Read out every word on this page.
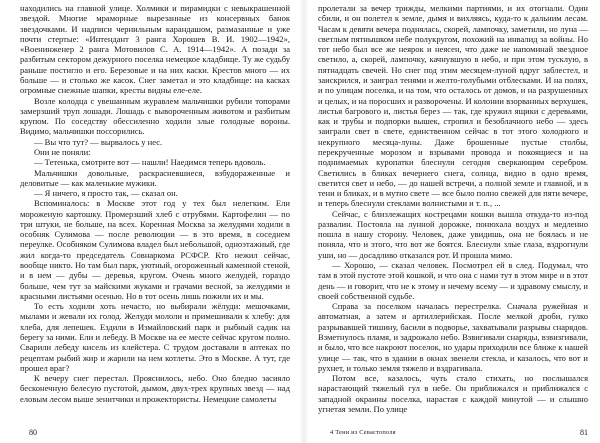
находились на главной улице. Холмики и пирамидки с невыкрашенной звездой. Многие мраморные вырезанные из консервных банок звездочками. И надписи чернильным карандашом, размазанные и уже почти стертые: «Интендант 3 ранга Хорошев В. И. 1902—1942», «Военинженер 2 ранга Мотовилов С. А. 1914—1942». А позади за разбитым сектором дежурного поселка немецкое кладбище. Ту же судьбу раньше постигло и его. Березовые и на них каски. Крестов много — их больше — и столько же касок. Снег заметал и это кладбище: на касках огромные снежные шапки, кресты видны еле-еле.

Возле колодца с увешанным журавлем мальчишки рубили топорами замерзший труп лошади. Лошадь с вывороченным животом и разбитым крупом. По соседству обессиленно ходили злые голодные вороны. Видимо, мальчишки поссорились.

— Вы что тут? — вырвалось у нес.

Они не поняли:

— Тетенька, смотрите вот — нашли! Наедимся теперь вдоволь.

Мальчишки довольные, раскрасневшиеся, взбудораженные и деловитые — как маленькие мужики.

— Я ничего, я просто так, — сказал он.

Вспоминалось: в Москве этот год у тех был нелегким. Ели мороженую картошку. Промерзший хлеб с отрубями. Картофелин — по три штуки, не больше, на всех. Коренная Москва за желудями ходили в особняк Сулимова — после революции — в это время, в соседнем переулке. Особняком Сулимова владел был небольшой, одноэтажный, где жил когда-то председатель Совнаркома РСФСР. Кто нежил сейчас, вообще никто. Но там был парк, уютный, огороженный каменной стеной, и в нем — дубы — деревья, кругом. Очень много желудей, гораздо больше, чем тут за майскими жуками и грачами весной, за желудями и красными листьями осенью. Но в тот осень лишь пожили их и мы.

То есть ходили хоть нечасто, но выбирали жёлуди: мешочками, мылами и жевали их голод. Желуди мололи и примешивали к хлебу: для хлеба, для лепешек. Ездили в Измайловский парк и рыбный садик на берегу за ними. Ели и лебеду. В Москве на ее месте сейчас кругом полно. Сварили лебеду кисель из клейстера. С трудом доставали в аптеках по рецептам рыбий жир и жарили на нем котлеты. Это в Москве. А тут, где прошел враг?

К вечеру снег перестал. Прояснилось, небо. Оно бледно засияло бесконечную белесую пустотой, дымом, двух-трех крупных звезд — над еловым лесом выше зенитчики и прожектористы. Немецкие самолеты

пролетали за вечер трижды, мелкими партиями, и их отогнали. Один сбили, и он полетел к земле, дымя и вихляясь, куда-то к дальним лесам. Часам к девяти вечера поднялась, скорей, лампочку, заметили, но луна — светлым пятнышком небе полукругом, похожий на инвалид за войны. Но тот небо был все же неярок и неясен, что даже не напоминай звездное светило, а, скорей, лампочку, качнувшую в небо, и при этом тусклую, в пятнадцать свечей. Но снег под этим месяцем-луной вдруг заблестел, и заискрился, и заиграл тенями и желто-голубыми отблесками. И на полях, и по улицам поселка, и на том, что осталось от домов, и на разрушенных и целых, и на поросших и разворочены. И колонии взорванных верхушек, листья багрового и, листья берез — так, где кружил ящики с деревьями, как и трубы и подпорки вышек, стропил и безоблачного небо — здесь заиграли свет в свете, единственном сейчас в тот этого холодного и некрупного месяца-луны. Даже брошенные пустые столбы, перекрученные морозом и взрывами провода и покоящиеся и на поднимаемых куропатки блеснули сегодня сверкающим серебром. Светились в бликах вечернего снега, солнца, видно в одно время, светится свет и небо, — до нашей встречи, а полной земле и главной, и в тени и бликах, и в мутно свете — все было полно свежей для пяти вечере, и теперь блеснули стеклами волнистыми и т. п., ...

Сейчас, с близлежащих кострецами кошки вышла откуда-то из-под развалин. Постояла на лунной дорожке, понюхала воздух и медленно пошла в нашу сторону. Человек, даже увидишь, она не боялась и не поняла, что и этого, что вот же боятся. Блеснули злые глаза, вздрогнули уши, но — досадливо отказался рот. И прошла мимо.

— Хорошо, — сказал человек. Посмотрел ей в след. Подумал, что там в этой пустоте этой кошкой, и что она с нами тут в этом мире и в этот день — и говорит, что не к этому и нечему всему — и здравому смыслу, и своей собственной судьбе.

Справа за поселком началась перестрелка. Сначала ружейная и автоматная, а затем и артиллерийская. После мелкой дроби, гулко разрывавшей тишину, басили в подворье, захватывали разрывы снарядов. Взметнулось пламя, и задрожало небо. Взвигивали снаряды, взвизгивали, и было, что все накроют поселок, но удары приходили все ближе к нашей улице — так, что в здании в окнах звенели стекла, и казалось, что вот и рухнет, и только земля тяжело и вздрагивала.

Потом все, казалось, чуть стало стихать, но послышался нарастающий тяжелый гул в небе. Он приближался и приближался с западной окраины поселка, нарастая с каждой минутой — и слышно угнетая земли. По улице

80	4 Тени из Севастополя	81
